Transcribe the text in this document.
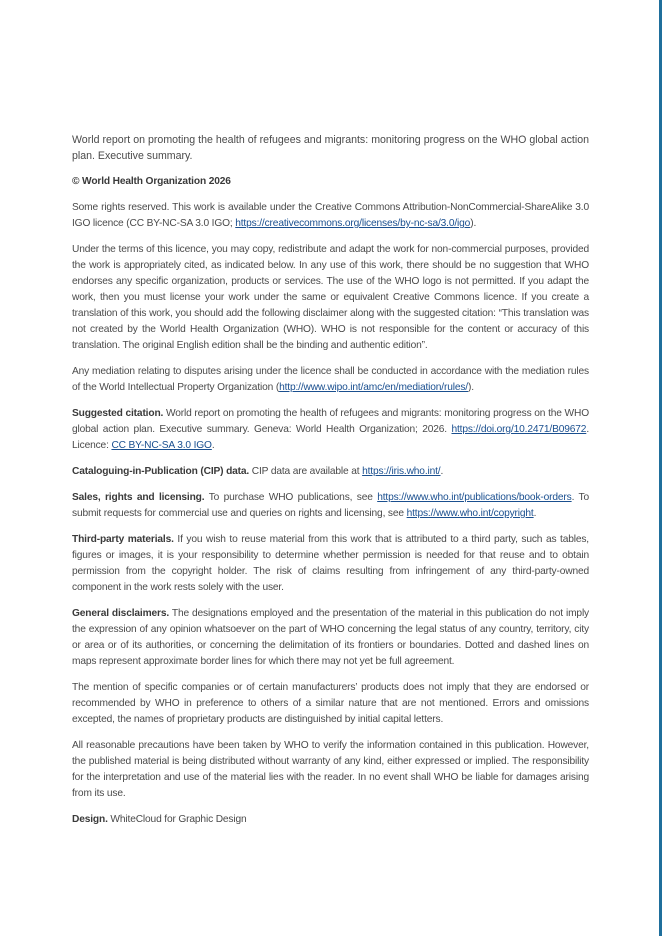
World report on promoting the health of refugees and migrants: monitoring progress on the WHO global action plan. Executive summary.

© World Health Organization 2026

Some rights reserved. This work is available under the Creative Commons Attribution-NonCommercial-ShareAlike 3.0 IGO licence (CC BY-NC-SA 3.0 IGO; https://creativecommons.org/licenses/by-nc-sa/3.0/igo).

Under the terms of this licence, you may copy, redistribute and adapt the work for non-commercial purposes, provided the work is appropriately cited, as indicated below. In any use of this work, there should be no suggestion that WHO endorses any specific organization, products or services. The use of the WHO logo is not permitted. If you adapt the work, then you must license your work under the same or equivalent Creative Commons licence. If you create a translation of this work, you should add the following disclaimer along with the suggested citation: “This translation was not created by the World Health Organization (WHO). WHO is not responsible for the content or accuracy of this translation. The original English edition shall be the binding and authentic edition”.

Any mediation relating to disputes arising under the licence shall be conducted in accordance with the mediation rules of the World Intellectual Property Organization (http://www.wipo.int/amc/en/mediation/rules/).

Suggested citation. World report on promoting the health of refugees and migrants: monitoring progress on the WHO global action plan. Executive summary. Geneva: World Health Organization; 2026. https://doi.org/10.2471/B09672. Licence: CC BY-NC-SA 3.0 IGO.

Cataloguing-in-Publication (CIP) data. CIP data are available at https://iris.who.int/.

Sales, rights and licensing. To purchase WHO publications, see https://www.who.int/publications/book-orders. To submit requests for commercial use and queries on rights and licensing, see https://www.who.int/copyright.

Third-party materials. If you wish to reuse material from this work that is attributed to a third party, such as tables, figures or images, it is your responsibility to determine whether permission is needed for that reuse and to obtain permission from the copyright holder. The risk of claims resulting from infringement of any third-party-owned component in the work rests solely with the user.

General disclaimers. The designations employed and the presentation of the material in this publication do not imply the expression of any opinion whatsoever on the part of WHO concerning the legal status of any country, territory, city or area or of its authorities, or concerning the delimitation of its frontiers or boundaries. Dotted and dashed lines on maps represent approximate border lines for which there may not yet be full agreement.

The mention of specific companies or of certain manufacturers’ products does not imply that they are endorsed or recommended by WHO in preference to others of a similar nature that are not mentioned. Errors and omissions excepted, the names of proprietary products are distinguished by initial capital letters.

All reasonable precautions have been taken by WHO to verify the information contained in this publication. However, the published material is being distributed without warranty of any kind, either expressed or implied. The responsibility for the interpretation and use of the material lies with the reader. In no event shall WHO be liable for damages arising from its use.

Design. WhiteCloud for Graphic Design
